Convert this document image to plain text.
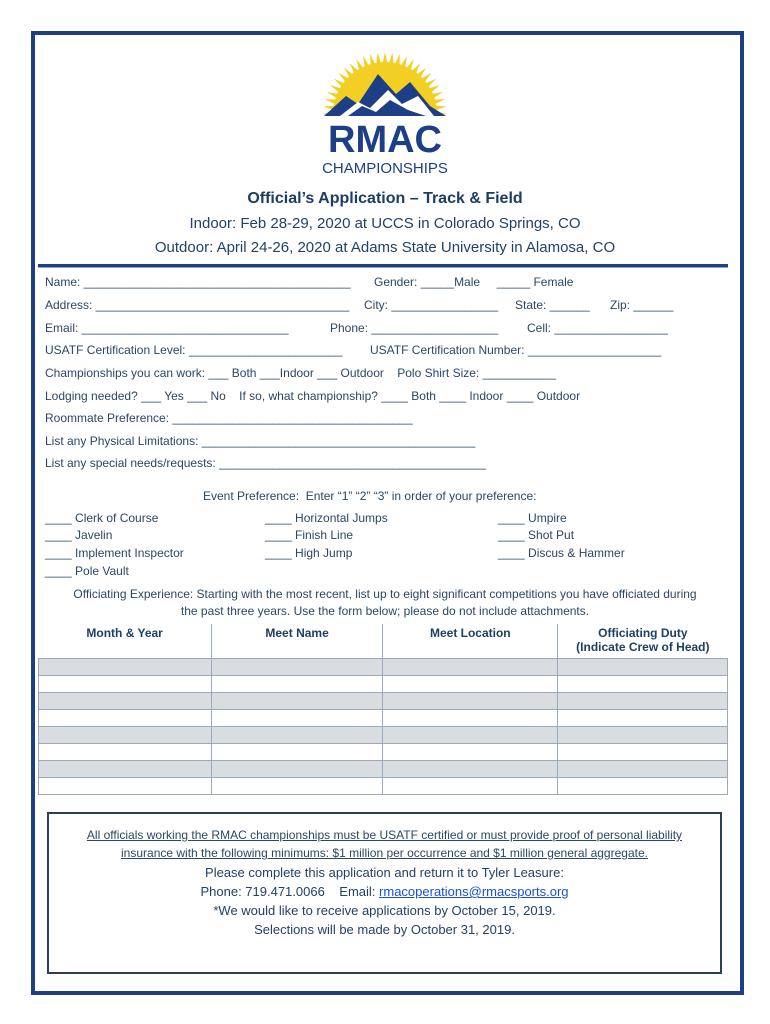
RMAC
CHAMPIONSHIPS
Official’s Application – Track & Field
Indoor: Feb 28-29, 2020 at UCCS in Colorado Springs, CO
Outdoor: April 24-26, 2020 at Adams State University in Alamosa, CO
Name: ________________________________________ Gender: _____Male     _____ Female
Address: ______________________________________ City: ________________ State: ______ Zip: ______
Email: _______________________________	Phone: ___________________ Cell: _________________
USATF Certification Level: _______________________ USATF Certification Number: ____________________
Championships you can work: ___ Both ___Indoor ___ Outdoor    Polo Shirt Size: ___________
Lodging needed? ___ Yes ___ No    If so, what championship? ____ Both ____ Indoor ____ Outdoor
Roommate Preference: ____________________________________
List any Physical Limitations: _________________________________________
List any special needs/requests: ________________________________________
Event Preference:  Enter “1” “2” “3” in order of your preference:
____ Clerk of Course
____ Javelin
____ Implement Inspector
____ Pole Vault
____ Horizontal Jumps
____ Finish Line
____ High Jump
____ Umpire
____ Shot Put
____ Discus & Hammer
Officiating Experience: Starting with the most recent, list up to eight significant competitions you have officiated during
the past three years. Use the form below; please do not include attachments.
Month & Year	Meet Name	Meet Location	Officiating Duty
(Indicate Crew of Head)

All officials working the RMAC championships must be USATF certified or must provide proof of personal liability
insurance with the following minimums: $1 million per occurrence and $1 million general aggregate.
Please complete this application and return it to Tyler Leasure:
Phone: 719.471.0066 Email: rmacoperations@rmacsports.org
*We would like to receive applications by October 15, 2019.
Selections will be made by October 31, 2019.
